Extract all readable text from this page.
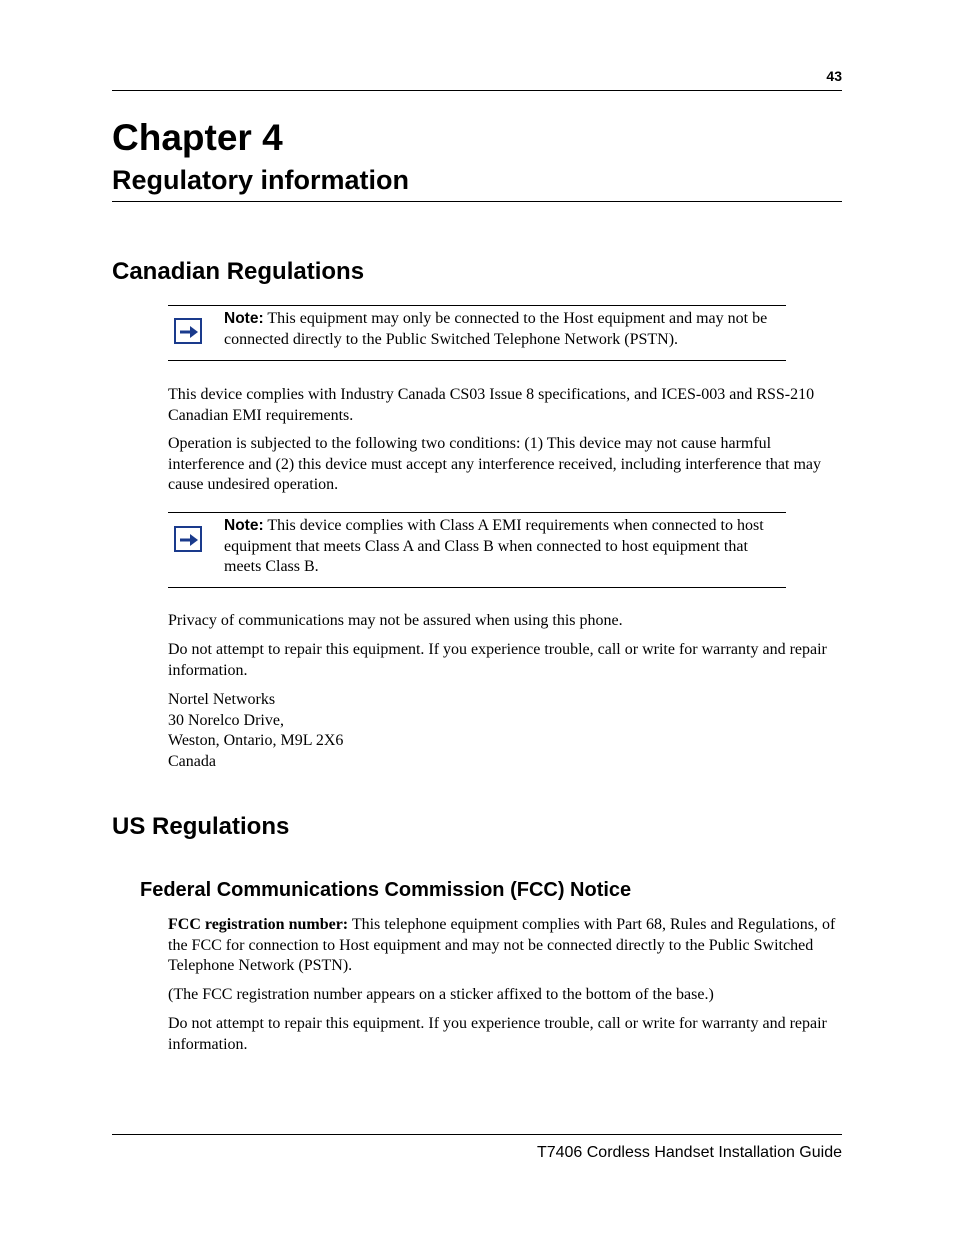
43
Chapter 4
Regulatory information
Canadian Regulations
Note: This equipment may only be connected to the Host equipment and may not be connected directly to the Public Switched Telephone Network (PSTN).

This device complies with Industry Canada CS03 Issue 8 specifications, and ICES-003 and RSS-210 Canadian EMI requirements.

Operation is subjected to the following two conditions: (1) This device may not cause harmful interference and (2) this device must accept any interference received, including interference that may cause undesired operation.

Note: This device complies with Class A EMI requirements when connected to host equipment that meets Class A and Class B when connected to host equipment that meets Class B.

Privacy of communications may not be assured when using this phone.

Do not attempt to repair this equipment. If you experience trouble, call or write for warranty and repair information.

Nortel Networks

30 Norelco Drive,

Weston, Ontario, M9L 2X6

Canada

US Regulations
Federal Communications Commission (FCC) Notice

FCC registration number: This telephone equipment complies with Part 68, Rules and Regulations, of the FCC for connection to Host equipment and may not be connected directly to the Public Switched Telephone Network (PSTN).

(The FCC registration number appears on a sticker affixed to the bottom of the base.)

Do not attempt to repair this equipment. If you experience trouble, call or write for warranty and repair information.

T7406 Cordless Handset Installation Guide
